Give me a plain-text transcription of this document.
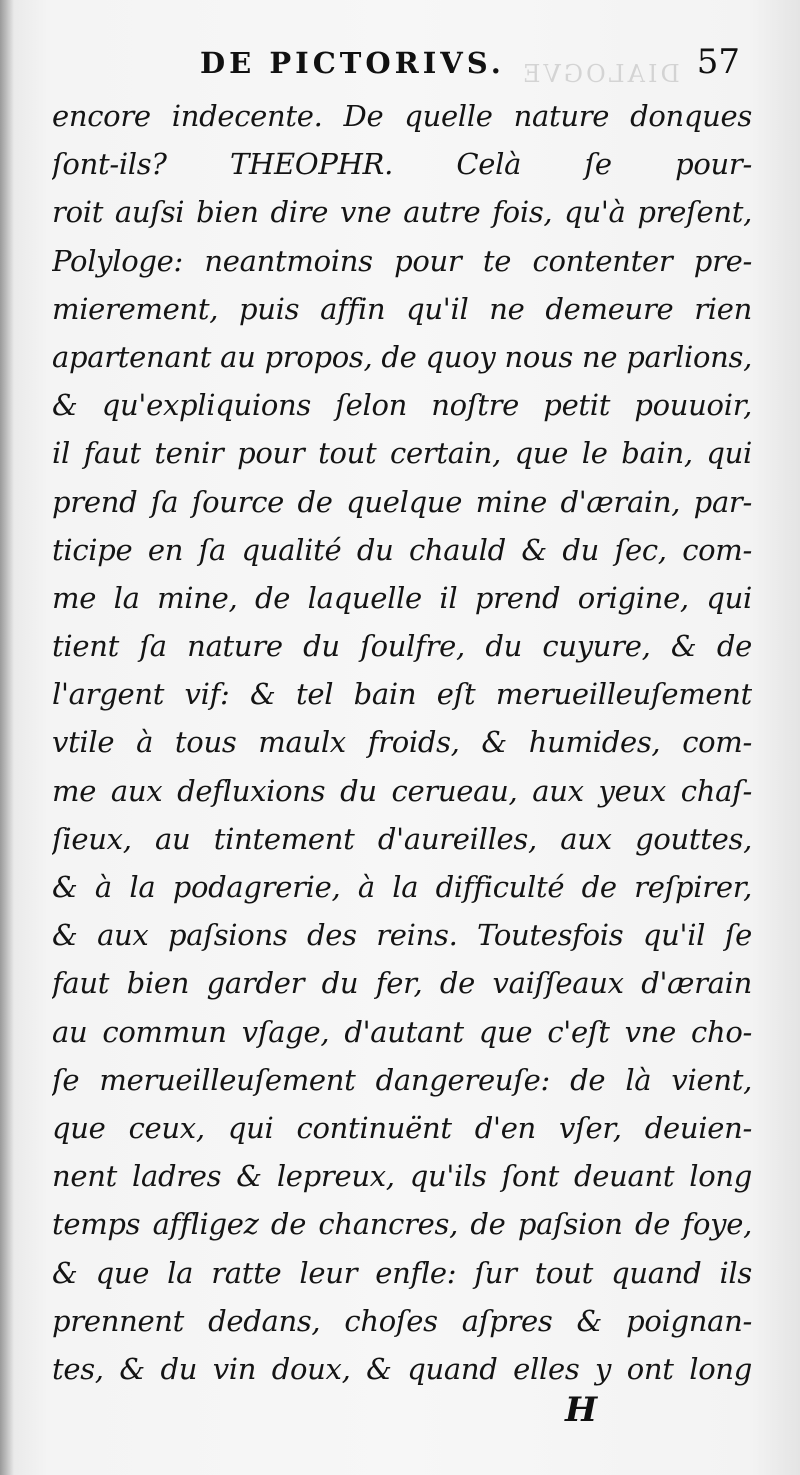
DIALOGVE
DE PICTORIVS.	57
encore indecente. De quelle nature donques
ſont-ils? THEOPHR. Celà ſe pour-
roit auſsi bien dire vne autre fois, qu'à preſent,
Polyloge: neantmoins pour te contenter pre-
mierement, puis affin qu'il ne demeure rien
apartenant au propos, de quoy nous ne parlions,
& qu'expliquions ſelon noſtre petit pouuoir,
il faut tenir pour tout certain, que le bain, qui
prend ſa ſource de quelque mine d'ærain, par-
ticipe en ſa qualité du chauld & du ſec, com-
me la mine, de laquelle il prend origine, qui
tient ſa nature du ſoulfre, du cuyure, & de
l'argent vif: & tel bain eſt merueilleuſement
vtile à tous maulx froids, & humides, com-
me aux defluxions du cerueau, aux yeux chaſ-
ſieux, au tintement d'aureilles, aux gouttes,
& à la podagrerie, à la difficulté de reſpirer,
& aux paſsions des reins. Toutesfois qu'il ſe
faut bien garder du fer, de vaiſſeaux d'ærain
au commun vſage, d'autant que c'eſt vne cho-
ſe merueilleuſement dangereuſe: de là vient,
que ceux, qui continuënt d'en vſer, deuien-
nent ladres & lepreux, qu'ils ſont deuant long
temps affligez de chancres, de paſsion de foye,
& que la ratte leur enfle: ſur tout quand ils
prennent dedans, choſes aſpres & poignan-
tes, & du vin doux, & quand elles y ont long
H
